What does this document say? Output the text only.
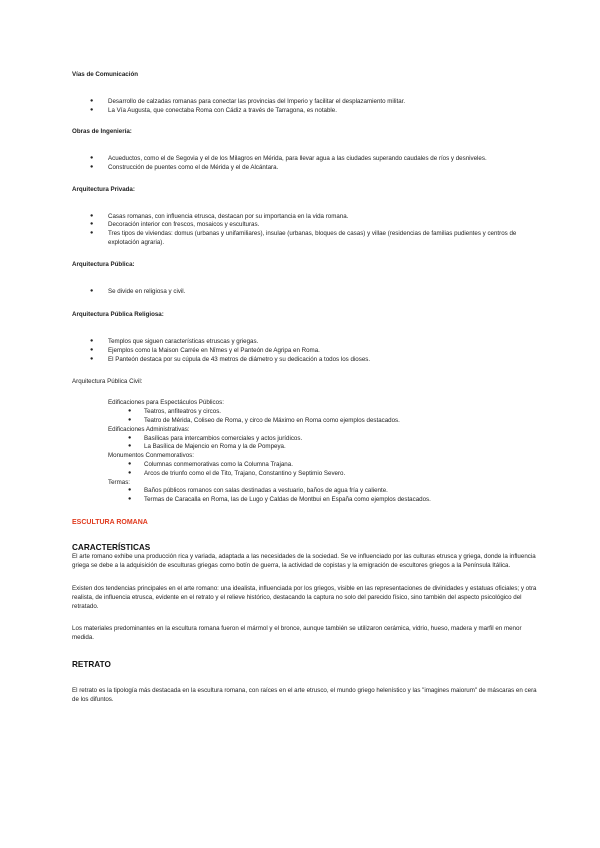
Vías de Comunicación

● Desarrollo de calzadas romanas para conectar las provincias del Imperio y facilitar el desplazamiento militar.
● La Vía Augusta, que conectaba Roma con Cádiz a través de Tarragona, es notable.

Obras de Ingeniería:

● Acueductos, como el de Segovia y el de los Milagros en Mérida, para llevar agua a las ciudades superando caudales de ríos y desniveles.
● Construcción de puentes como el de Mérida y el de Alcántara.

Arquitectura Privada:

● Casas romanas, con influencia etrusca, destacan por su importancia en la vida romana.
● Decoración interior con frescos, mosaicos y esculturas.
● Tres tipos de viviendas: domus (urbanas y unifamiliares), insulae (urbanas, bloques de casas) y villae (residencias de familias pudientes y centros de explotación agraria).

Arquitectura Pública:

● Se divide en religiosa y civil.

Arquitectura Pública Religiosa:

● Templos que siguen características etruscas y griegas.
● Ejemplos como la Maison Carrée en Nîmes y el Panteón de Agripa en Roma.
● El Panteón destaca por su cúpula de 43 metros de diámetro y su dedicación a todos los dioses.

Arquitectura Pública Civil:

Edificaciones para Espectáculos Públicos:

● Teatros, anfiteatros y circos.
● Teatro de Mérida, Coliseo de Roma, y circo de Máximo en Roma como ejemplos destacados.

Edificaciones Administrativas:

● Basílicas para intercambios comerciales y actos jurídicos.
● La Basílica de Majencio en Roma y la de Pompeya.

Monumentos Conmemorativos:

● Columnas conmemorativas como la Columna Trajana.
● Arcos de triunfo como el de Tito, Trajano, Constantino y Septimio Severo.

Termas:

● Baños públicos romanos con salas destinadas a vestuario, baños de agua fría y caliente.
● Termas de Caracalla en Roma, las de Lugo y Caldas de Montbui en España como ejemplos destacados.

ESCULTURA ROMANA

CARACTERÍSTICAS

El arte romano exhibe una producción rica y variada, adaptada a las necesidades de la sociedad. Se ve influenciado por las culturas etrusca y griega, donde la influencia griega se debe a la adquisición de esculturas griegas como botín de guerra, la actividad de copistas y la emigración de escultores griegos a la Península Itálica.

Existen dos tendencias principales en el arte romano: una idealista, influenciada por los griegos, visible en las representaciones de divinidades y estatuas oficiales; y otra realista, de influencia etrusca, evidente en el retrato y el relieve histórico, destacando la captura no solo del parecido físico, sino también del aspecto psicológico del retratado.

Los materiales predominantes en la escultura romana fueron el mármol y el bronce, aunque también se utilizaron cerámica, vidrio, hueso, madera y marfil en menor medida.

RETRATO

El retrato es la tipología más destacada en la escultura romana, con raíces en el arte etrusco, el mundo griego helenístico y las "imagines maiorum" de máscaras en cera de los difuntos.
